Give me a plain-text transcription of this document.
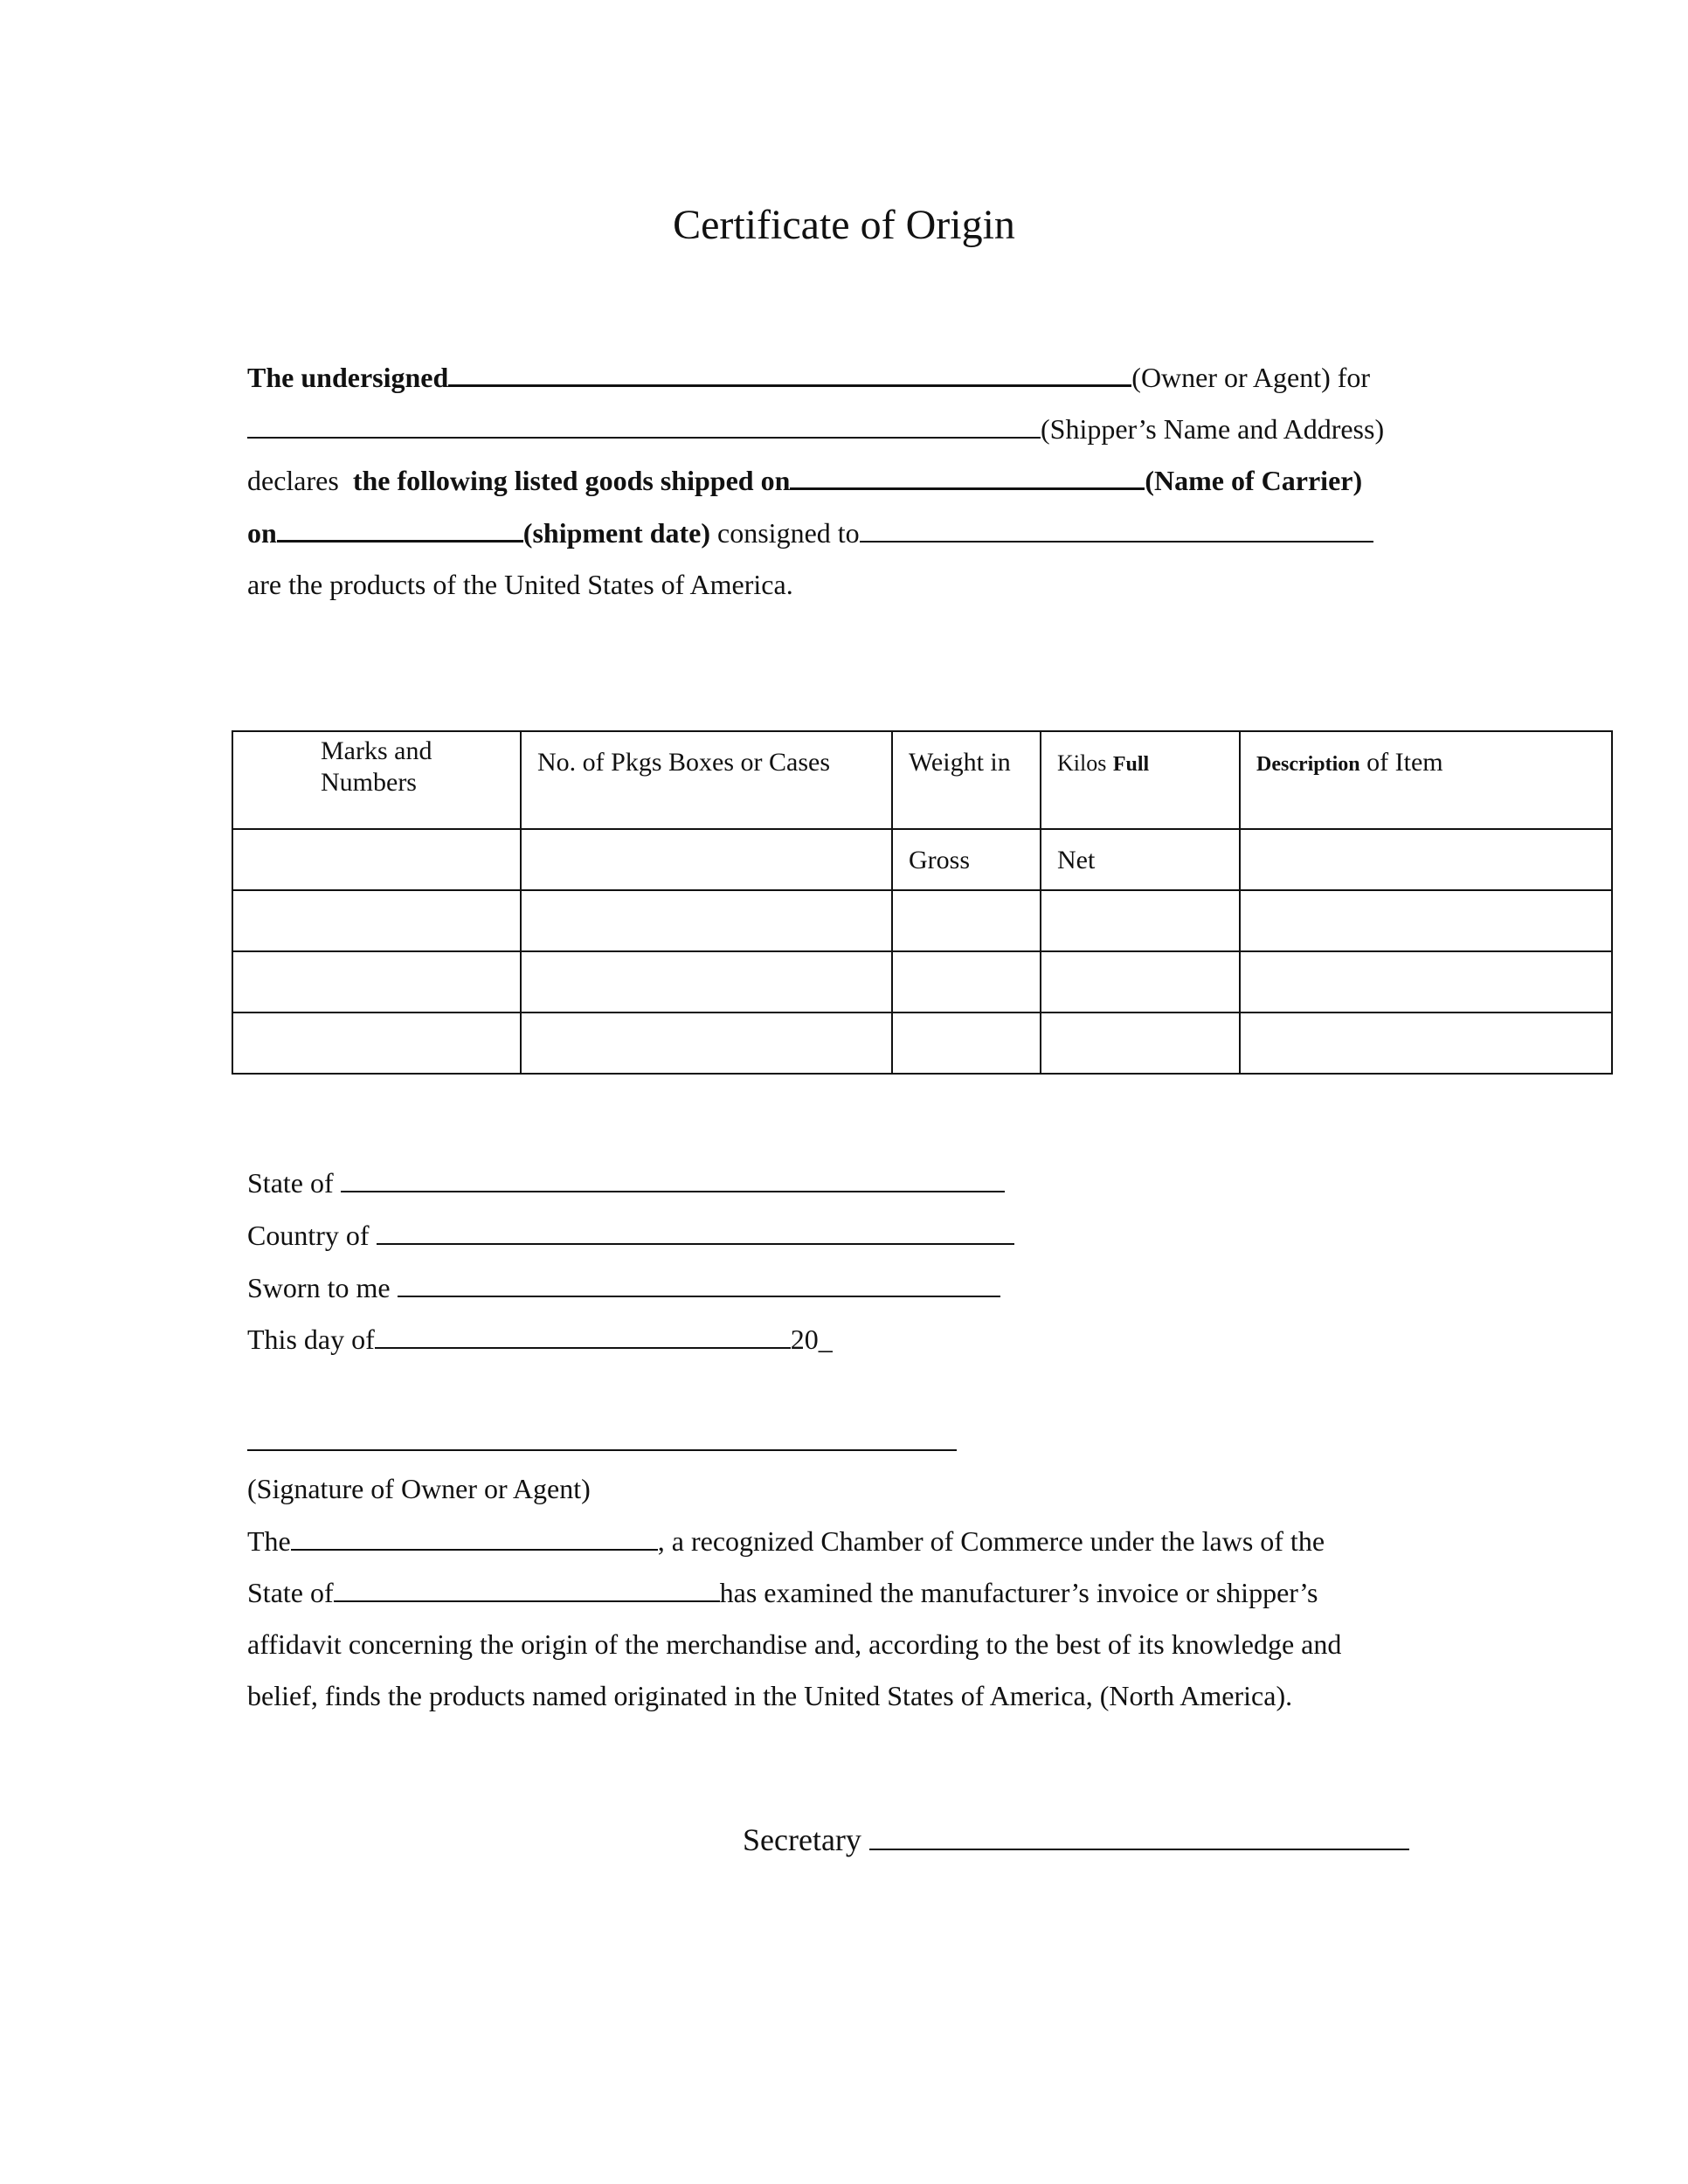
Certificate of Origin
The undersigned	(Owner or Agent) for
(Shipper’s Name and Address)
declares the following listed goods shipped on	(Name of Carrier)
on	(shipment date) consigned to
are the products of the United States of America.
Marks and Numbers	No. of Pkgs Boxes or Cases	Weight in	Kilos Full	Description of Item

		Gross	Net	

State of
Country of
Sworn to me
This day of	20_
(Signature of Owner or Agent)
The	, a recognized Chamber of Commerce under the laws of the
State of	has examined the manufacturer’s invoice or shipper’s
affidavit concerning the origin of the merchandise and, according to the best of its knowledge and
belief, finds the products named originated in the United States of America, (North America).
Secretary
